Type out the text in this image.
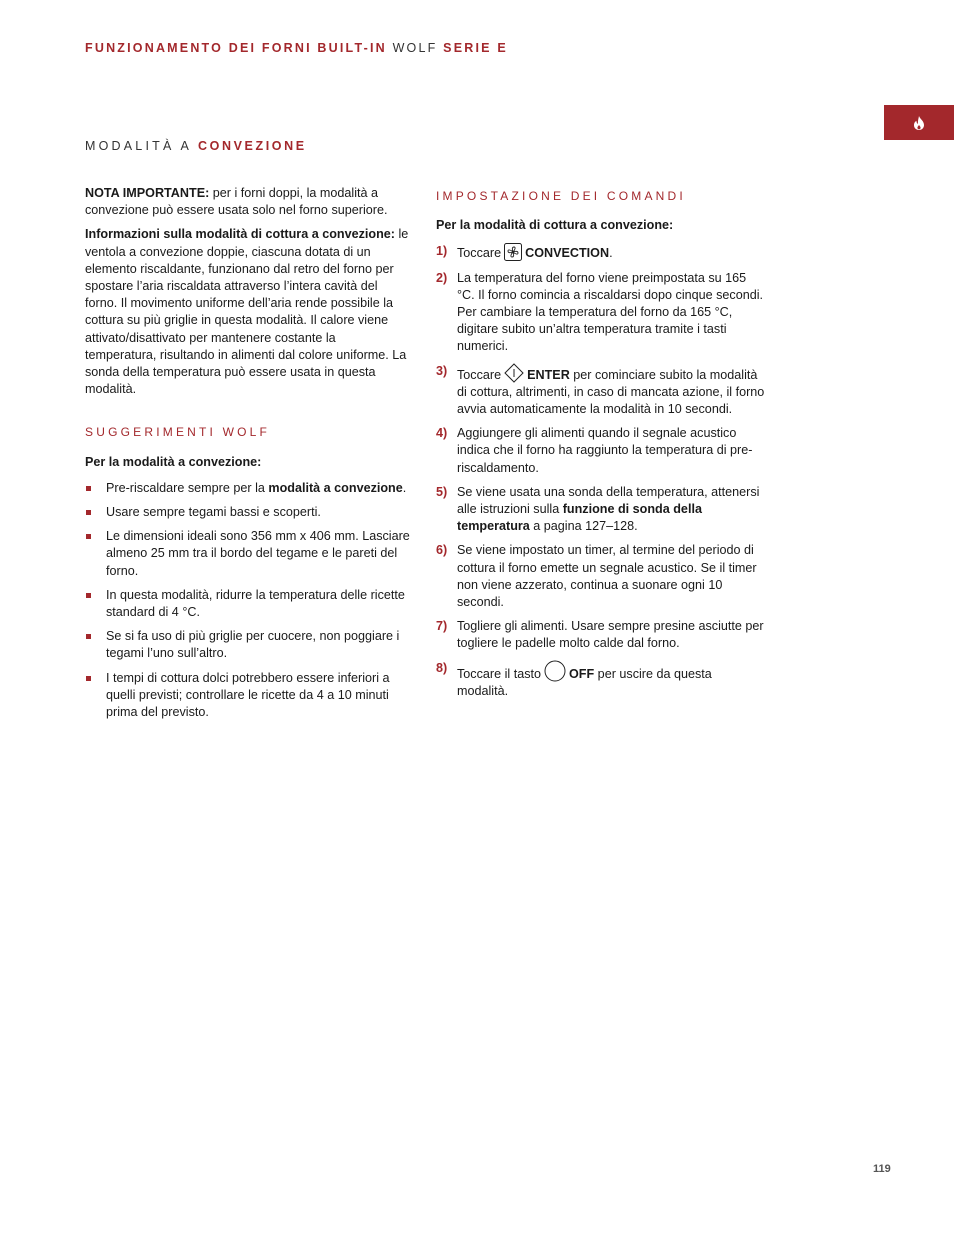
FUNZIONAMENTO DEI FORNI BUILT-IN WOLF SERIE E
MODALITÀ A CONVEZIONE

NOTA IMPORTANTE: per i forni doppi, la modalità a convezione può essere usata solo nel forno superiore.

Informazioni sulla modalità di cottura a convezione: le ventola a convezione doppie, ciascuna dotata di un elemento riscaldante, funzionano dal retro del forno per spostare l’aria riscaldata attraverso l’intera cavità del forno. Il movimento uniforme dell’aria rende possibile la cottura su più griglie in questa modalità. Il calore viene attivato/disattivato per mantenere costante la temperatura, risultando in alimenti dal colore uniforme. La sonda della temperatura può essere usata in questa modalità.

SUGGERIMENTI WOLF
Per la modalità a convezione:
Pre-riscaldare sempre per la modalità a convezione.
Usare sempre tegami bassi e scoperti.
Le dimensioni ideali sono 356 mm x 406 mm. Lasciare almeno 25 mm tra il bordo del tegame e le pareti del forno.
In questa modalità, ridurre la temperatura delle ricette standard di 4 °C.
Se si fa uso di più griglie per cuocere, non poggiare i tegami l’uno sull’altro.
I tempi di cottura dolci potrebbero essere inferiori a quelli previsti; controllare le ricette da 4 a 10 minuti prima del previsto.
IMPOSTAZIONE DEI COMANDI
Per la modalità di cottura a convezione:
1) Toccare CONVECTION.
2) La temperatura del forno viene preimpostata su 165 °C. Il forno comincia a riscaldarsi dopo cinque secondi. Per cambiare la temperatura del forno da 165 °C, digitare subito un’altra temperatura tramite i tasti numerici.
3) Toccare ENTER per cominciare subito la modalità di cottura, altrimenti, in caso di mancata azione, il forno avvia automaticamente la modalità in 10 secondi.
4) Aggiungere gli alimenti quando il segnale acustico indica che il forno ha raggiunto la temperatura di pre-riscaldamento.
5) Se viene usata una sonda della temperatura, attenersi alle istruzioni sulla funzione di sonda della temperatura a pagina 127–128.
6) Se viene impostato un timer, al termine del periodo di cottura il forno emette un segnale acustico. Se il timer non viene azzerato, continua a suonare ogni 10 secondi.
7) Togliere gli alimenti. Usare sempre presine asciutte per togliere le padelle molto calde dal forno.
8) Toccare il tasto OFF per uscire da questa modalità.
119
